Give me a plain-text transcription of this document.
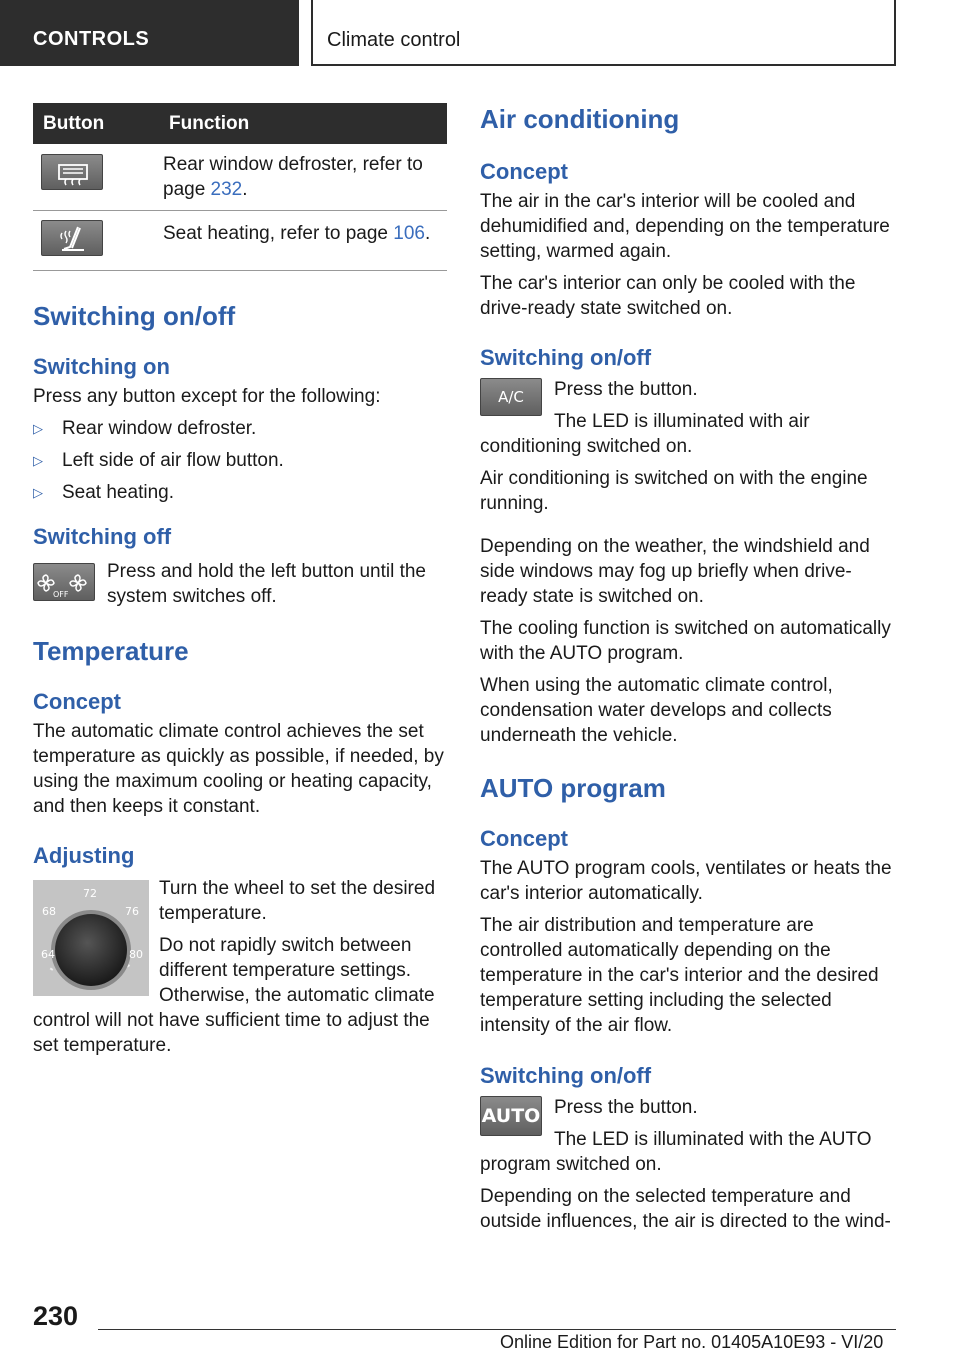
CONTROLS	Climate control
Button	Function

	Rear window defroster, refer to page 232.

	Seat heating, refer to page 106.
Switching on/off
Switching on

Press any button except for the following:

▷ Rear window defroster.
▷ Left side of air flow button.
▷ Seat heating.
Switching off
OFF

Press and hold the left button until the system switches off.

Temperature
Concept

The automatic climate control achieves the set temperature as quickly as possible, if needed, by using the maximum cooling or heating capacity, and then keeps it constant.

Adjusting
64
68
72
76
80

Turn the wheel to set the desired temperature.

Do not rapidly switch between different temperature settings. Otherwise, the automatic climate control will not have sufficient time to adjust the set temperature.

Air conditioning
Concept

The air in the car's interior will be cooled and dehumidified and, depending on the temperature setting, warmed again.

The car's interior can only be cooled with the drive-ready state switched on.

Switching on/off
A/C	Press the button.

The LED is illuminated with air conditioning switched on.

Air conditioning is switched on with the engine running.

Depending on the weather, the windshield and side windows may fog up briefly when drive-ready state is switched on.

The cooling function is switched on automatically with the AUTO program.

When using the automatic climate control, condensation water develops and collects underneath the vehicle.

AUTO program
Concept

The AUTO program cools, ventilates or heats the car's interior automatically.

The air distribution and temperature are controlled automatically depending on the temperature in the car's interior and the desired temperature setting including the selected intensity of the air flow.

Switching on/off
AUTO Press the button.

The LED is illuminated with the AUTO program switched on.

Depending on the selected temperature and outside influences, the air is directed to the wind-

230
Online Edition for Part no. 01405A10E93 - VI/20
